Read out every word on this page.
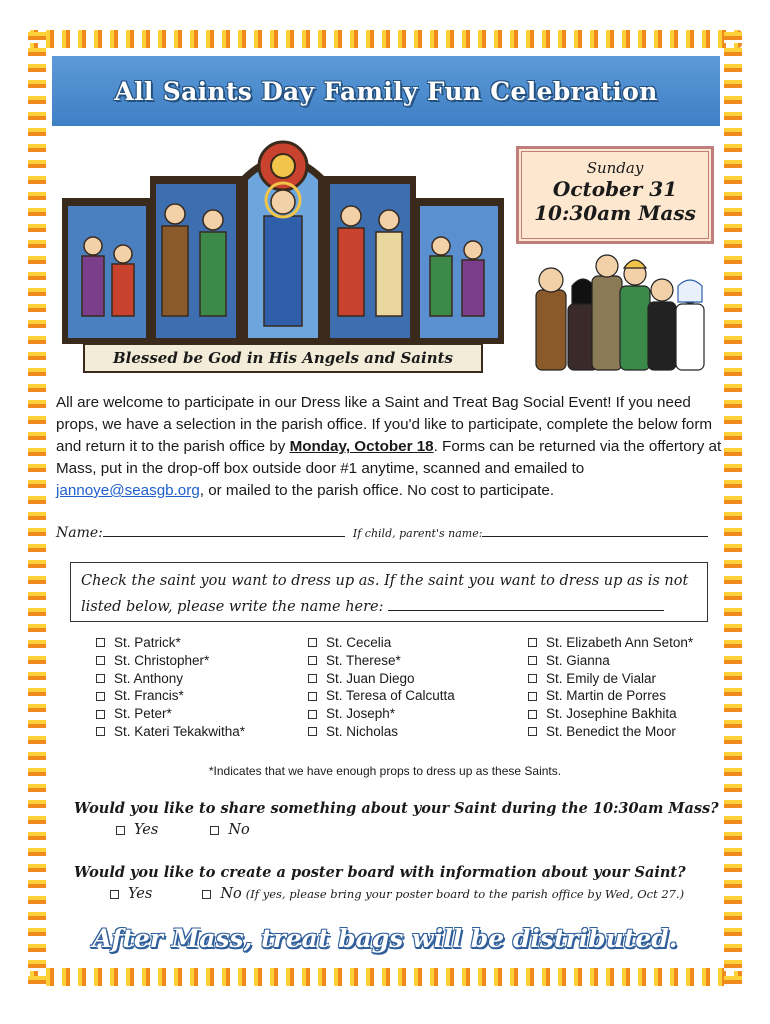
All Saints Day Family Fun Celebration
Blessed be God in His Angels and Saints
Sunday
October 31
10:30am Mass
All are welcome to participate in our Dress like a Saint and Treat Bag Social Event! If you need props, we have a selection in the parish office. If you'd like to participate, complete the below form and return it to the parish office by Monday, October 18. Forms can be returned via the offertory at Mass, put in the drop-off box outside door #1 anytime, scanned and emailed to jannoye@seasgb.org, or mailed to the parish office. No cost to participate.
Name:	If child, parent's name:
Check the saint you want to dress up as. If the saint you want to dress up as is not listed below, please write the name here:
St. Patrick*
St. Christopher*
St. Anthony
St. Francis*
St. Peter*
St. Kateri Tekakwitha*
St. Cecelia
St. Therese*
St. Juan Diego
St. Teresa of Calcutta
St. Joseph*
St. Nicholas
St. Elizabeth Ann Seton*
St. Gianna
St. Emily de Vialar
St. Martin de Porres
St. Josephine Bakhita
St. Benedict the Moor
*Indicates that we have enough props to dress up as these Saints.
Would you like to share something about your Saint during the 10:30am Mass?
Yes	No
Would you like to create a poster board with information about your Saint?
Yes	No (If yes, please bring your poster board to the parish office by Wed, Oct 27.)
After Mass, treat bags will be distributed.
